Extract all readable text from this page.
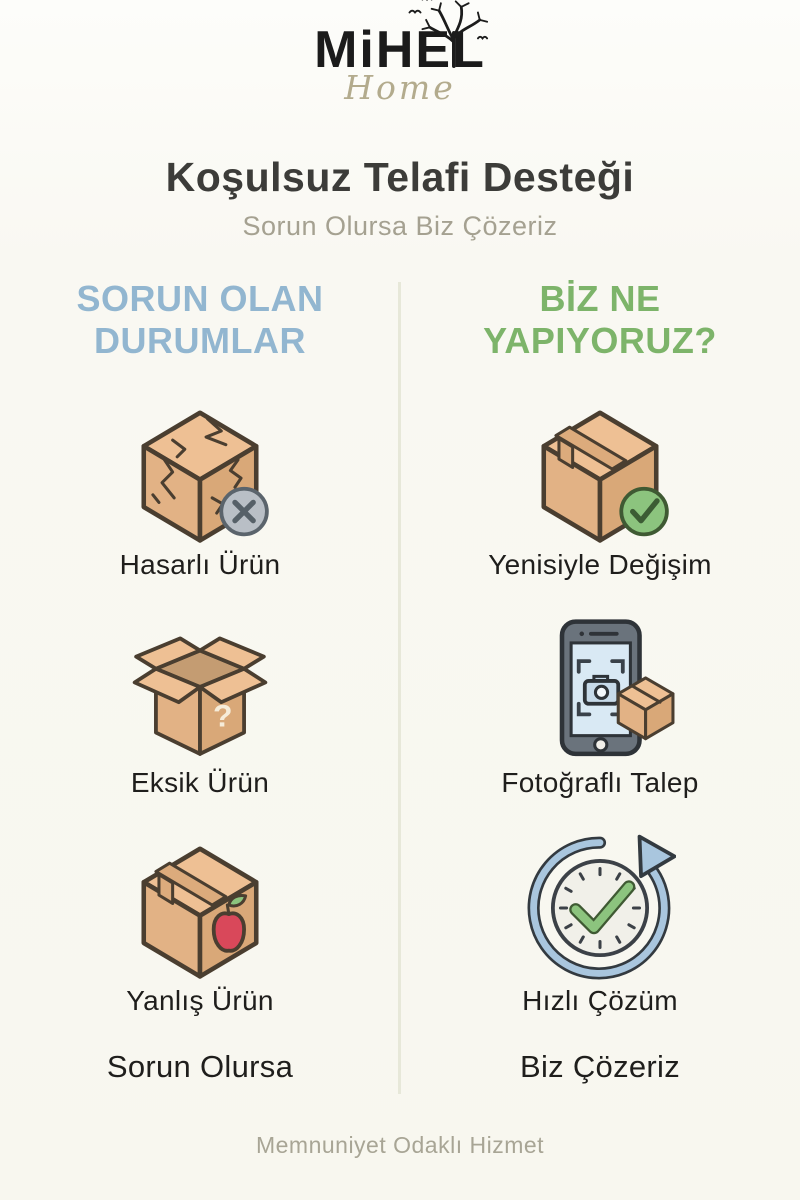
MiHEL
Home
Koşulsuz Telafi Desteği
Sorun Olursa Biz Çözeriz
SORUN OLAN DURUMLAR
Hasarlı Ürün
?
Eksik Ürün
Yanlış Ürün
Sorun Olursa
BİZ NE YAPIYORUZ?
Yenisiyle Değişim
Fotoğraflı Talep
Hızlı Çözüm
Biz Çözeriz
Memnuniyet Odaklı Hizmet
